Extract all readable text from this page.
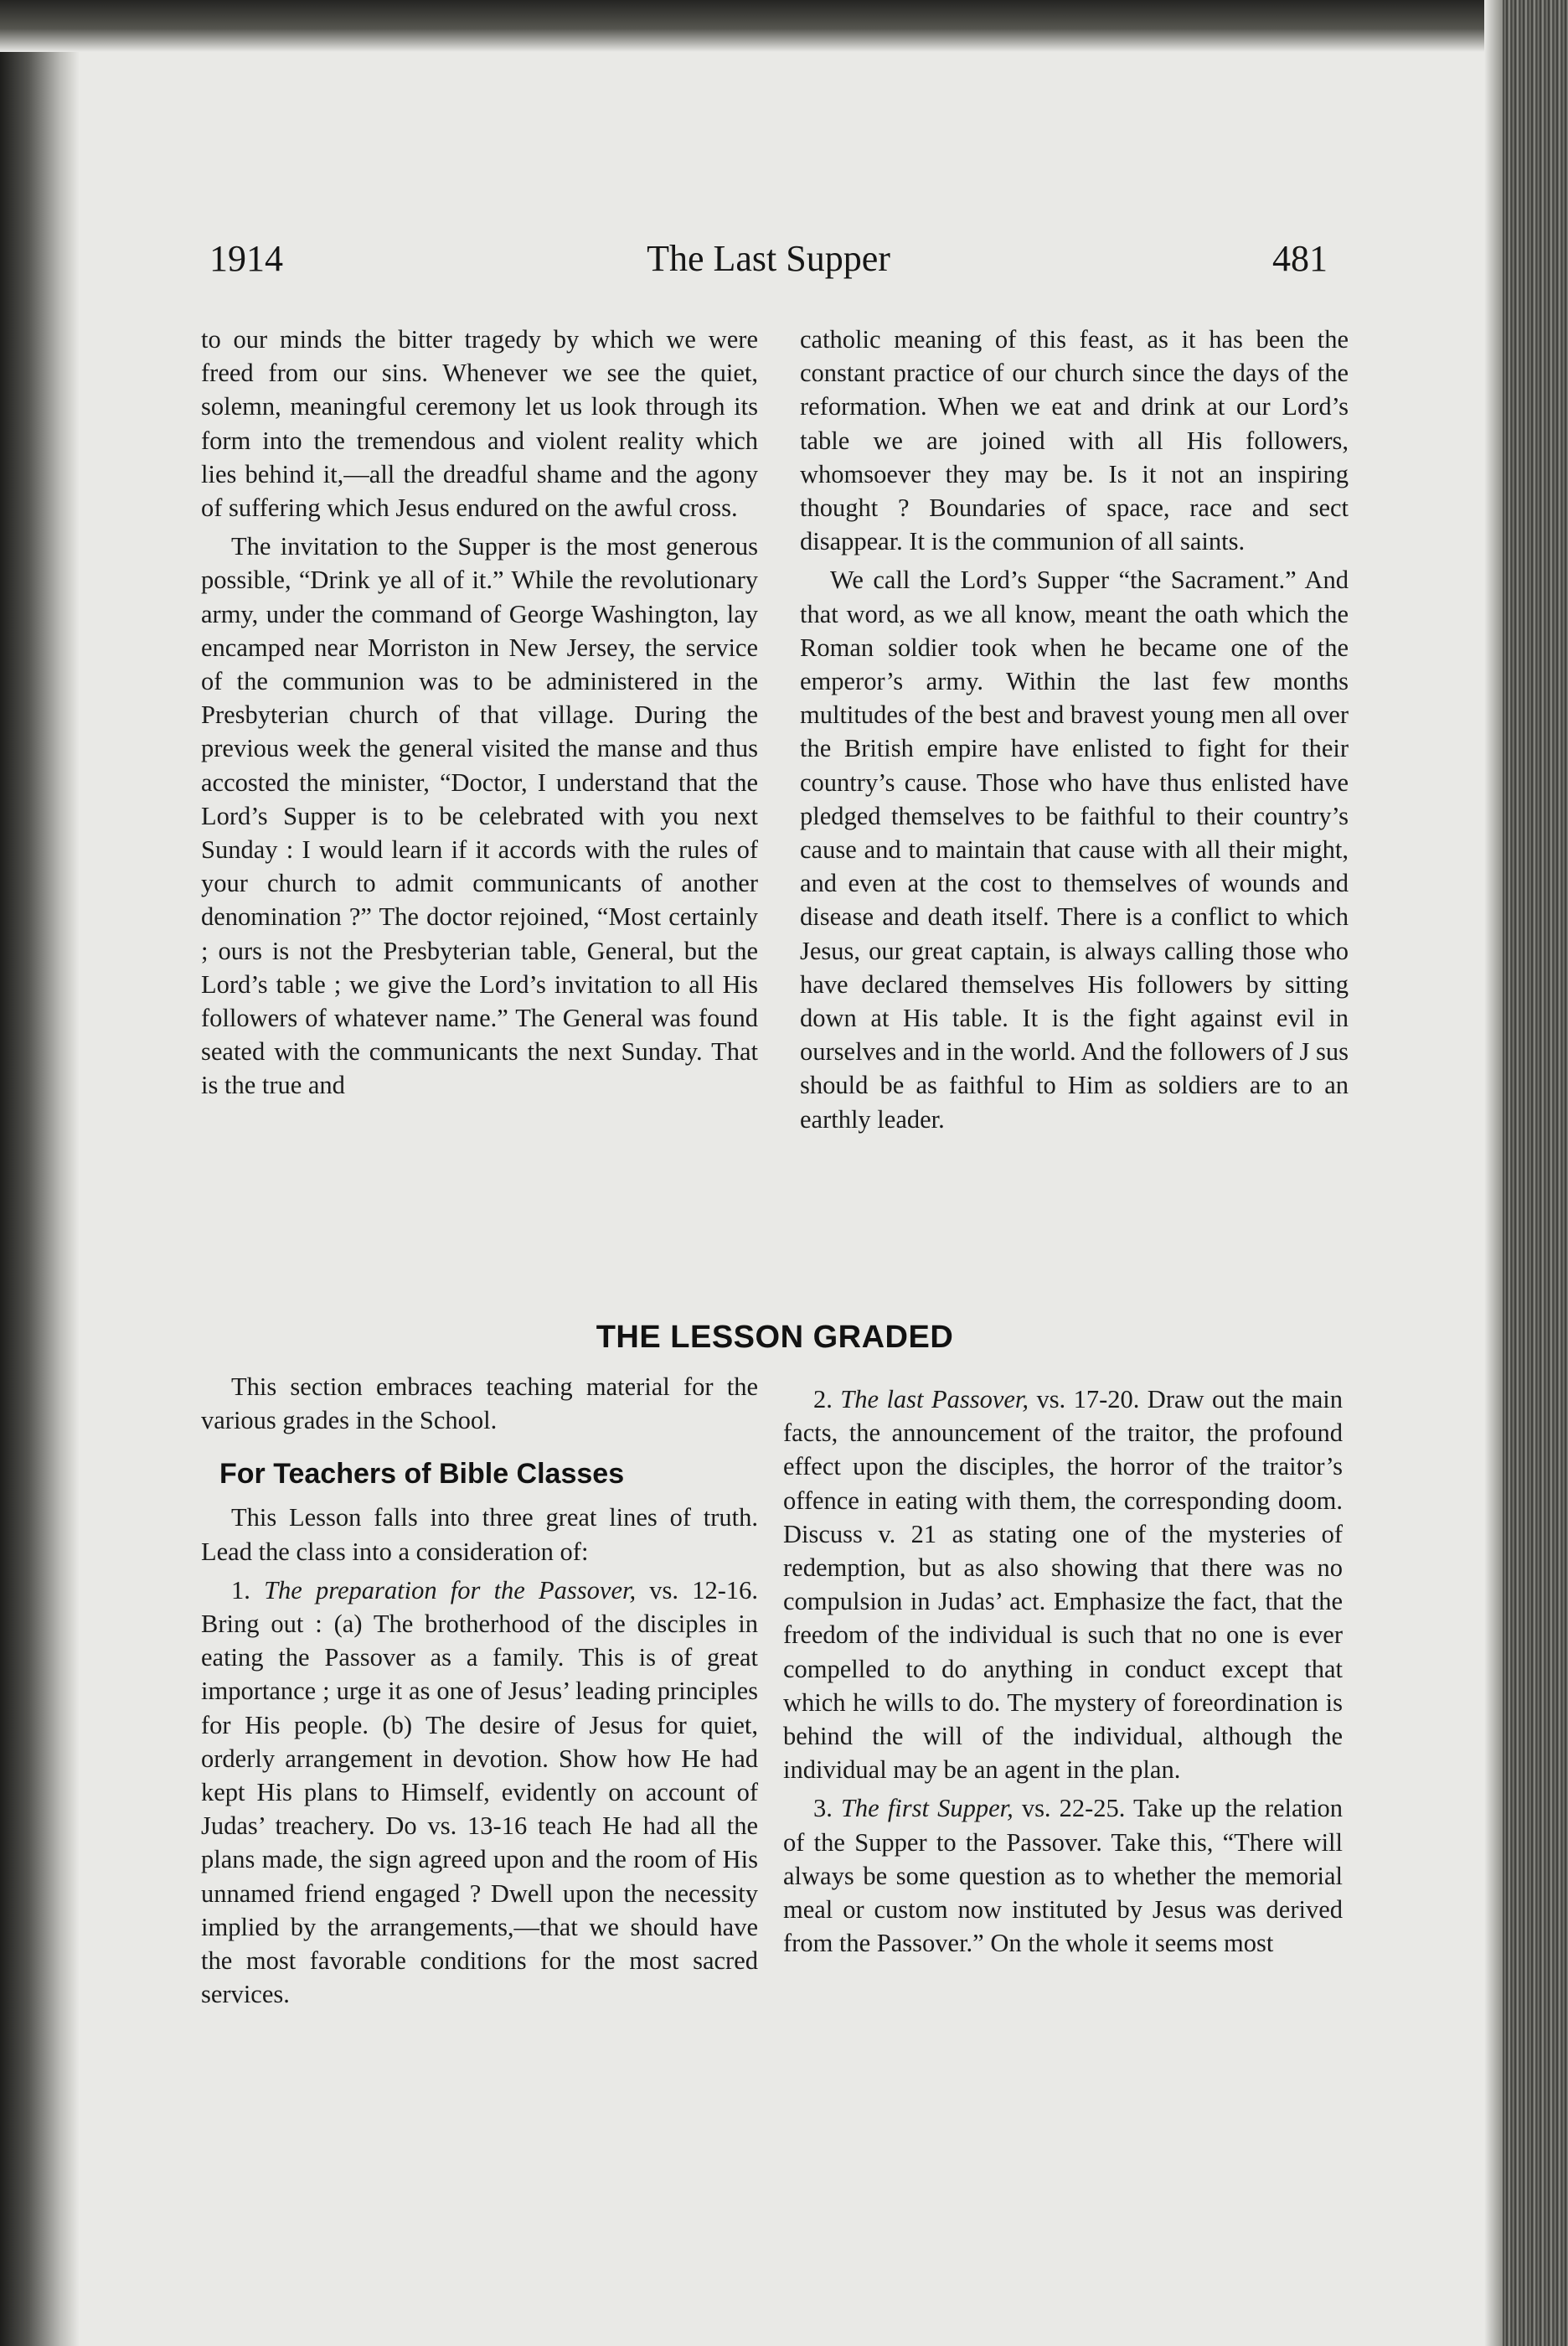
1914	The Last Supper	481

to our minds the bitter tragedy by which we were freed from our sins. Whenever we see the quiet, solemn, meaningful ceremony let us look through its form into the tremendous and violent reality which lies behind it,—all the dreadful shame and the agony of suffering which Jesus endured on the awful cross.

The invitation to the Supper is the most generous possible, “Drink ye all of it.” While the revolutionary army, under the command of George Washington, lay encamped near Morriston in New Jersey, the service of the communion was to be administered in the Presbyterian church of that village. During the previous week the general visited the manse and thus accosted the minister, “Doctor, I understand that the Lord’s Supper is to be celebrated with you next Sunday : I would learn if it accords with the rules of your church to admit communicants of another denomination ?” The doctor rejoined, “Most certainly ; ours is not the Presbyterian table, General, but the Lord’s table ; we give the Lord’s invitation to all His followers of whatever name.” The General was found seated with the communicants the next Sunday. That is the true and

catholic meaning of this feast, as it has been the constant practice of our church since the days of the reformation. When we eat and drink at our Lord’s table we are joined with all His followers, whomsoever they may be. Is it not an inspiring thought ? Boundaries of space, race and sect disappear. It is the communion of all saints.

We call the Lord’s Supper “the Sacrament.” And that word, as we all know, meant the oath which the Roman soldier took when he became one of the emperor’s army. Within the last few months multitudes of the best and bravest young men all over the British empire have enlisted to fight for their country’s cause. Those who have thus enlisted have pledged themselves to be faithful to their country’s cause and to maintain that cause with all their might, and even at the cost to themselves of wounds and disease and death itself. There is a conflict to which Jesus, our great captain, is always calling those who have declared themselves His followers by sitting down at His table. It is the fight against evil in ourselves and in the world. And the followers of J sus should be as faithful to Him as soldiers are to an earthly leader.

THE LESSON GRADED

This section embraces teaching material for the various grades in the School.

For Teachers of Bible Classes

This Lesson falls into three great lines of truth. Lead the class into a consideration of:

1. The preparation for the Passover, vs. 12-16. Bring out : (a) The brotherhood of the disciples in eating the Passover as a family. This is of great importance ; urge it as one of Jesus’ leading principles for His people. (b) The desire of Jesus for quiet, orderly arrangement in devotion. Show how He had kept His plans to Himself, evidently on account of Judas’ treachery. Do vs. 13-16 teach He had all the plans made, the sign agreed upon and the room of His unnamed friend engaged ? Dwell upon the necessity implied by the arrangements,—that we should have the most favorable conditions for the most sacred services.

2. The last Passover, vs. 17-20. Draw out the main facts, the announcement of the traitor, the profound effect upon the disciples, the horror of the traitor’s offence in eating with them, the corresponding doom. Discuss v. 21 as stating one of the mysteries of redemption, but as also showing that there was no compulsion in Judas’ act. Emphasize the fact, that the freedom of the individual is such that no one is ever compelled to do anything in conduct except that which he wills to do. The mystery of foreordination is behind the will of the individual, although the individual may be an agent in the plan.

3. The first Supper, vs. 22-25. Take up the relation of the Supper to the Passover. Take this, “There will always be some question as to whether the memorial meal or custom now instituted by Jesus was derived from the Passover.” On the whole it seems most
